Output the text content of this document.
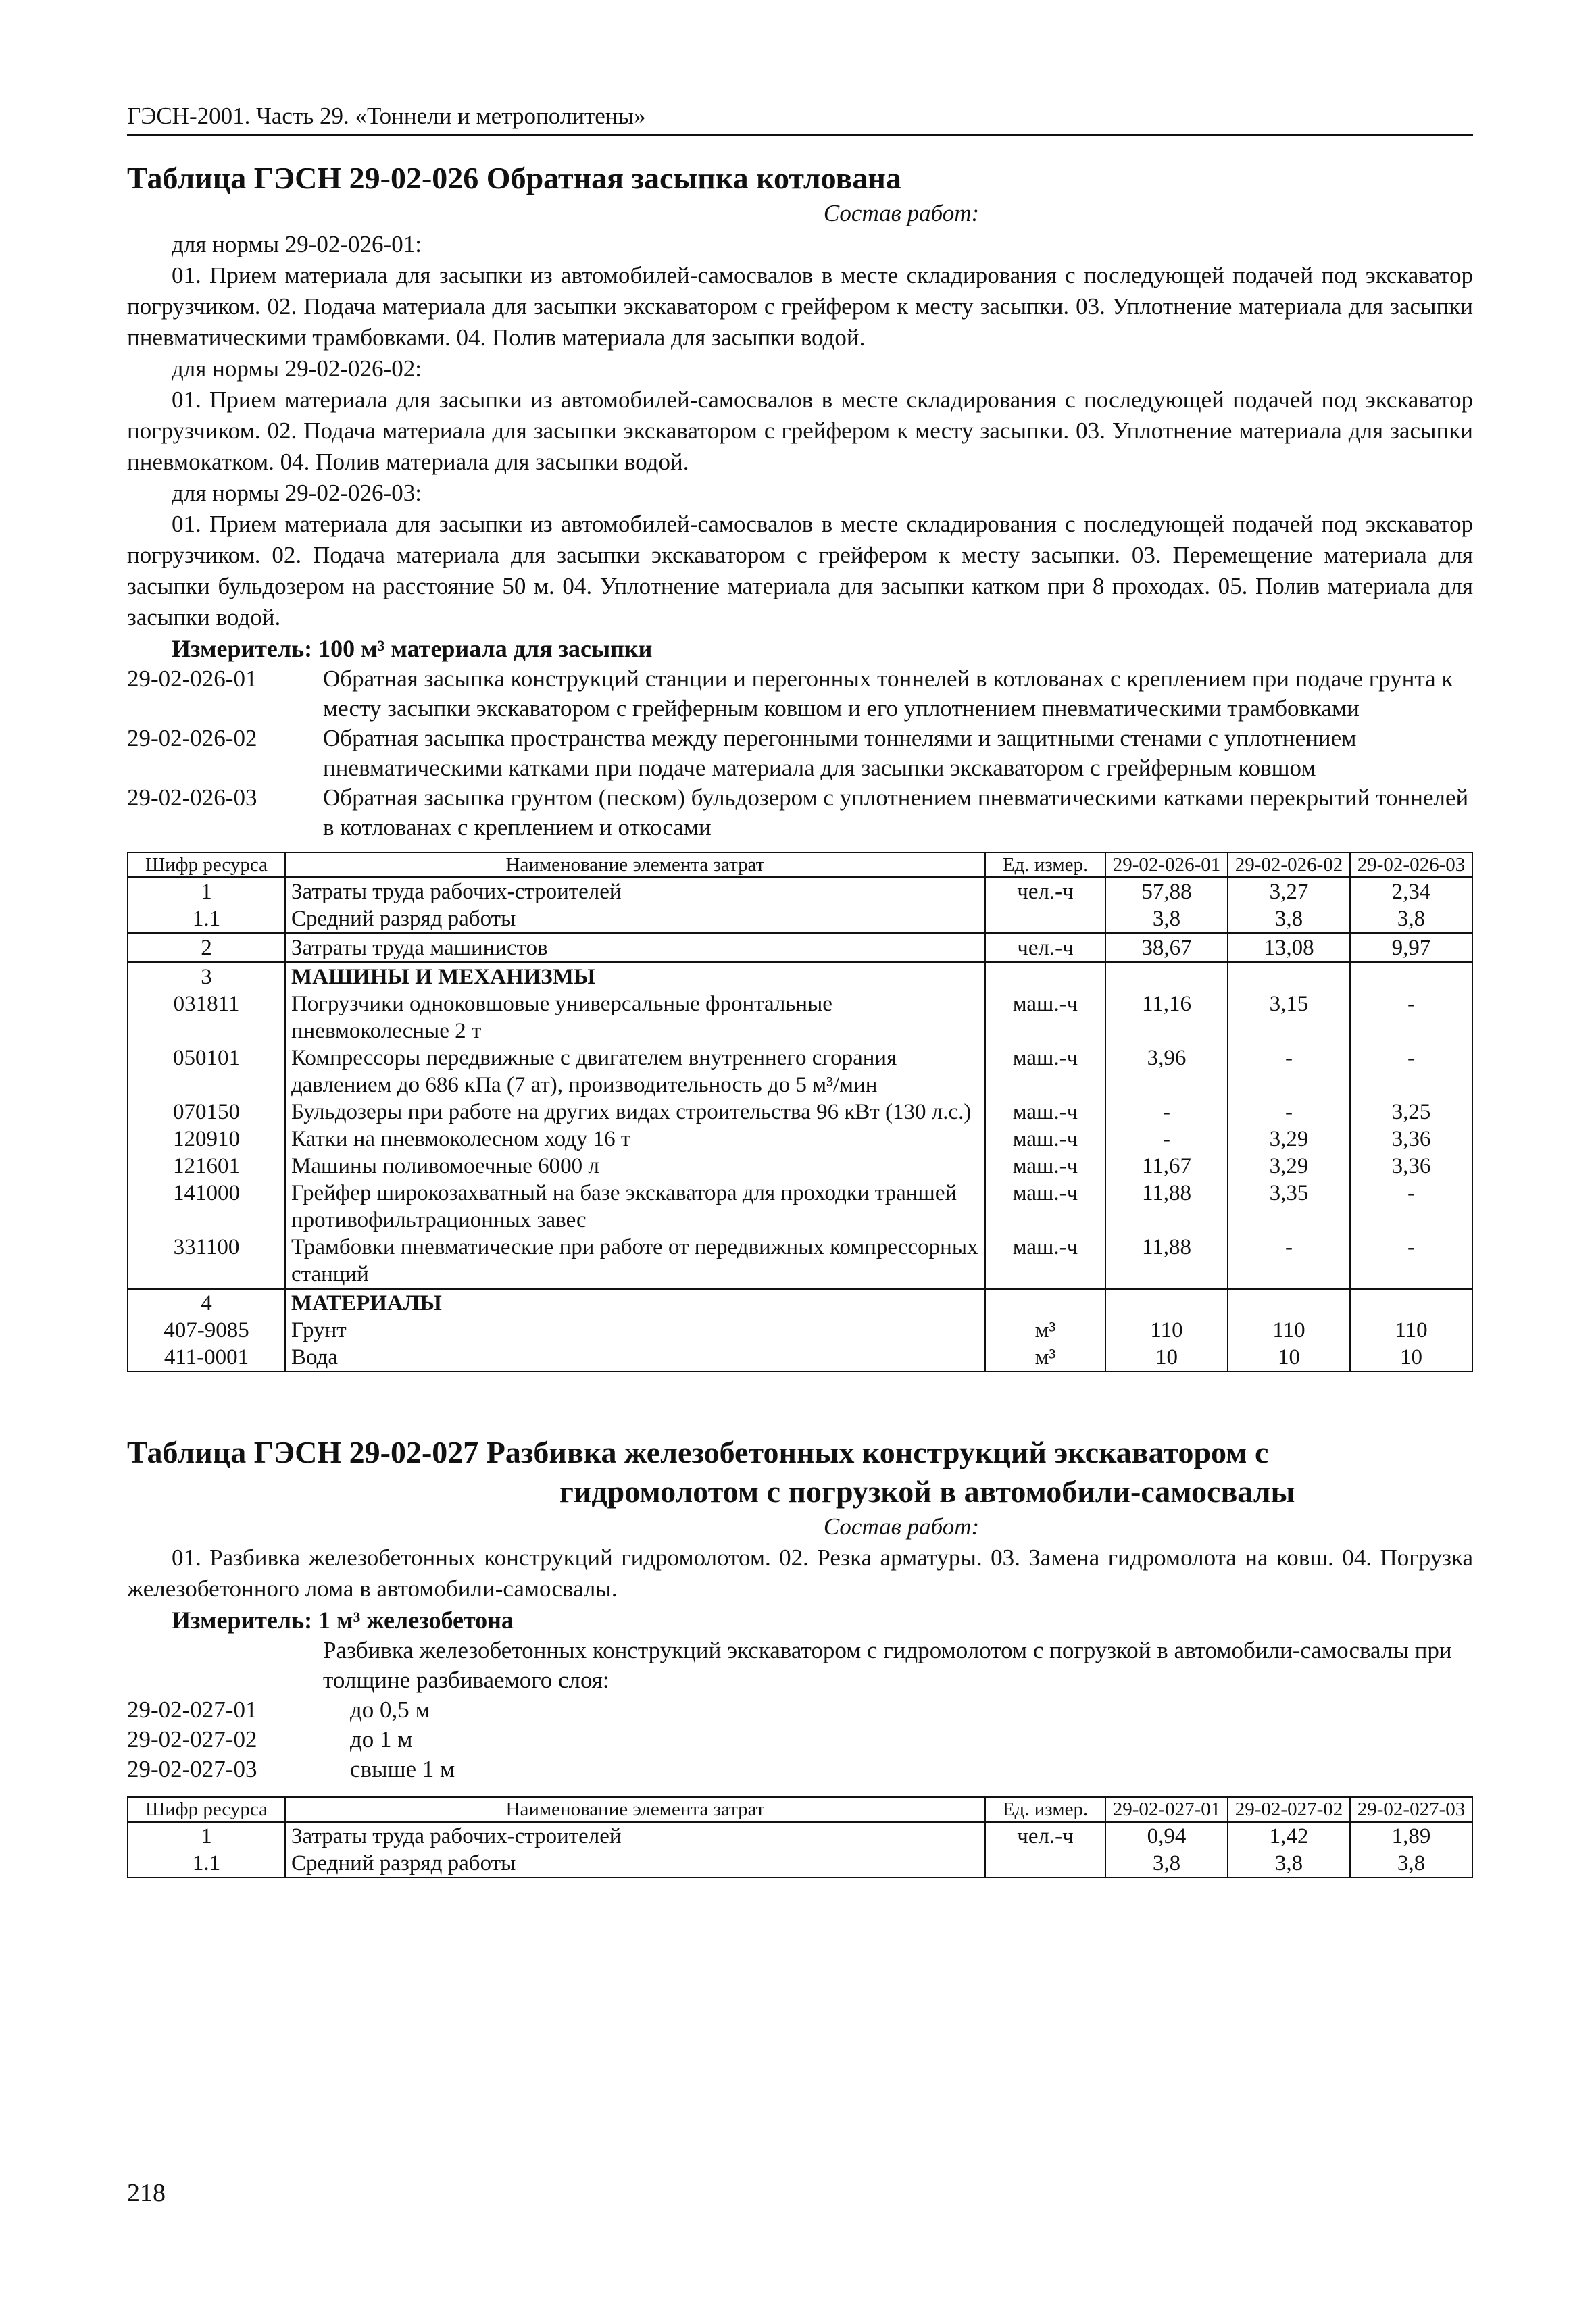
ГЭСН-2001. Часть 29. «Тоннели и метрополитены»
Таблица ГЭСН 29-02-026 Обратная засыпка котлована
Состав работ:

для нормы 29-02-026-01:

01. Прием материала для засыпки из автомобилей-самосвалов в месте складирования с последующей подачей под экскаватор погрузчиком. 02. Подача материала для засыпки экскаватором с грейфером к месту засыпки. 03. Уплотнение материала для засыпки пневматическими трамбовками. 04. Полив материала для засыпки водой.

для нормы 29-02-026-02:

01. Прием материала для засыпки из автомобилей-самосвалов в месте складирования с последующей подачей под экскаватор погрузчиком. 02. Подача материала для засыпки экскаватором с грейфером к месту засыпки. 03. Уплотнение материала для засыпки пневмокатком. 04. Полив материала для засыпки водой.

для нормы 29-02-026-03:

01. Прием материала для засыпки из автомобилей-самосвалов в месте складирования с последующей подачей под экскаватор погрузчиком. 02. Подача материала для засыпки экскаватором с грейфером к месту засыпки. 03. Перемещение материала для засыпки бульдозером на расстояние 50 м. 04. Уплотнение материала для засыпки катком при 8 проходах. 05. Полив материала для засыпки водой.

Измеритель: 100 м³ материала для засыпки
29-02-026-01	Обратная засыпка конструкций станции и перегонных тоннелей в котлованах с креплением при подаче грунта к месту засыпки экскаватором с грейферным ковшом и его уплотнением пневматическими трамбовками
29-02-026-02	Обратная засыпка пространства между перегонными тоннелями и защитными стенами с уплотнением пневматическими катками при подаче материала для засыпки экскаватором с грейферным ковшом
29-02-026-03	Обратная засыпка грунтом (песком) бульдозером с уплотнением пневматическими катками перекрытий тоннелей в котлованах с креплением и откосами
Шифр ресурса	Наименование элемента затрат	Ед. измер.	29-02-026-01	29-02-026-02	29-02-026-03
1	Затраты труда рабочих-строителей	чел.-ч	57,88	3,27	2,34
1.1	Средний разряд работы		3,8	3,8	3,8
2	Затраты труда машинистов	чел.-ч	38,67	13,08	9,97
3	МАШИНЫ И МЕХАНИЗМЫ				
031811	Погрузчики одноковшовые универсальные фронтальные пневмоколесные 2 т	маш.-ч	11,16	3,15	-
050101	Компрессоры передвижные с двигателем внутреннего сгорания давлением до 686 кПа (7 ат), производительность до 5 м³/мин	маш.-ч	3,96	-	-
070150	Бульдозеры при работе на других видах строительства 96 кВт (130 л.с.)	маш.-ч	-	-	3,25
120910	Катки на пневмоколесном ходу 16 т	маш.-ч	-	3,29	3,36
121601	Машины поливомоечные 6000 л	маш.-ч	11,67	3,29	3,36
141000	Грейфер широкозахватный на базе экскаватора для проходки траншей противофильтрационных завес	маш.-ч	11,88	3,35	-
331100	Трамбовки пневматические при работе от передвижных компрессорных станций	маш.-ч	11,88	-	-
4	МАТЕРИАЛЫ				
407-9085	Грунт	м³	110	110	110
411-0001	Вода	м³	10	10	10
Таблица ГЭСН 29-02-027 Разбивка железобетонных конструкций экскаватором с
гидромолотом с погрузкой в автомобили-самосвалы
Состав работ:

01. Разбивка железобетонных конструкций гидромолотом. 02. Резка арматуры. 03. Замена гидромолота на ковш. 04. Погрузка железобетонного лома в автомобили-самосвалы.

Измеритель: 1 м³ железобетона
Разбивка железобетонных конструкций экскаватором с гидромолотом с погрузкой в автомобили-самосвалы при толщине разбиваемого слоя:
29-02-027-01	до 0,5 м
29-02-027-02	до 1 м
29-02-027-03	свыше 1 м
Шифр ресурса	Наименование элемента затрат	Ед. измер.	29-02-027-01	29-02-027-02	29-02-027-03
1	Затраты труда рабочих-строителей	чел.-ч	0,94	1,42	1,89
1.1	Средний разряд работы		3,8	3,8	3,8
218
